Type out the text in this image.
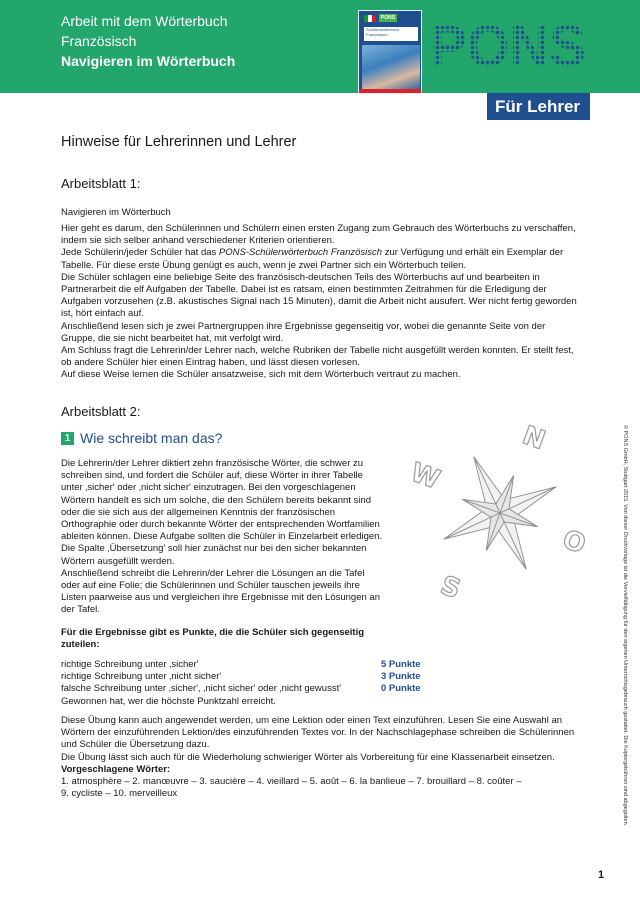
Arbeit mit dem Wörterbuch
Französisch
Navigieren im Wörterbuch
PONS
Schülerwörterbuch Französisch PONS
Für Lehrer
© PONS GmbH, Stuttgart 2015. Von dieser Druckvorlage ist die Vervielfältigung für den eigenen Unterrichtsgebrauch gestattet. Die Kopiergebühren sind abgegolten.
Hinweise für Lehrerinnen und Lehrer
Arbeitsblatt 1:
Navigieren im Wörterbuch

Hier geht es darum, den Schülerinnen und Schülern einen ersten Zugang zum Gebrauch des Wörterbuchs zu verschaffen, indem sie sich selber anhand verschiedener Kriterien orientieren.

Jede Schülerin/jeder Schüler hat das PONS-Schülerwörterbuch Französisch zur Verfügung und erhält ein Exemplar der Tabelle. Für diese erste Übung genügt es auch, wenn je zwei Partner sich ein Wörterbuch teilen.

Die Schüler schlagen eine beliebige Seite des französisch-deutschen Teils des Wörterbuchs auf und bearbeiten in Partnerarbeit die elf Aufgaben der Tabelle. Dabei ist es ratsam, einen bestimmten Zeitrahmen für die Erledigung der Aufgaben vorzusehen (z.B. akustisches Signal nach 15 Minuten), damit die Arbeit nicht ausufert. Wer nicht fertig geworden ist, hört einfach auf.

Anschließend lesen sich je zwei Partnergruppen ihre Ergebnisse gegenseitig vor, wobei die genannte Seite von der Gruppe, die sie nicht bearbeitet hat, mit verfolgt wird.

Am Schluss fragt die Lehrerin/der Lehrer nach, welche Rubriken der Tabelle nicht ausgefüllt werden konnten. Er stellt fest, ob andere Schüler hier einen Eintrag haben, und lässt diesen vorlesen.

Auf diese Weise lernen die Schüler ansatzweise, sich mit dem Wörterbuch vertraut zu machen.

Arbeitsblatt 2:
1 Wie schreibt man das?

Die Lehrerin/der Lehrer diktiert zehn französische Wörter, die schwer zu schreiben sind, und fordert die Schüler auf, diese Wörter in ihrer Tabelle unter ‚sicher' oder ‚nicht sicher' einzutragen. Bei den vorgeschlagenen Wörtern handelt es sich um solche, die den Schülern bereits bekannt sind oder die sie sich aus der allgemeinen Kenntnis der französischen Orthographie oder durch bekannte Wörter der entsprechenden Wortfamilien ableiten können. Diese Aufgabe sollten die Schüler in Einzelarbeit erledigen. Die Spalte ‚Übersetzung' soll hier zunächst nur bei den sicher bekannten Wörtern ausgefüllt werden.

Anschließend schreibt die Lehrerin/der Lehrer die Lösungen an die Tafel oder auf eine Folie; die Schülerinnen und Schüler tauschen jeweils ihre Listen paarweise aus und vergleichen ihre Ergebnisse mit den Lösungen an der Tafel.

Für die Ergebnisse gibt es Punkte, die die Schüler sich gegenseitig zuteilen:
richtige Schreibung unter ‚sicher'	5 Punkte
richtige Schreibung unter ‚nicht sicher'	3 Punkte
falsche Schreibung unter ‚sicher', ‚nicht sicher' oder ‚nicht gewusst'	0 Punkte
Gewonnen hat, wer die höchste Punktzahl erreicht.

Diese Übung kann auch angewendet werden, um eine Lektion oder einen Text einzuführen. Lesen Sie eine Auswahl an Wörtern der einzuführenden Lektion/des einzuführenden Textes vor. In der Nachschlagephase schreiben die Schülerinnen und Schüler die Übersetzung dazu.

Die Übung lässt sich auch für die Wiederholung schwieriger Wörter als Vorbereitung für eine Klassenarbeit einsetzen.

Vorgeschlagene Wörter:

1. atmosphère – 2. manœuvre – 3. saucière – 4. vieillard – 5. août – 6. la banlieue – 7. brouillard – 8. coûter –

9. cycliste – 10. merveilleux

N
O
S
W
1
